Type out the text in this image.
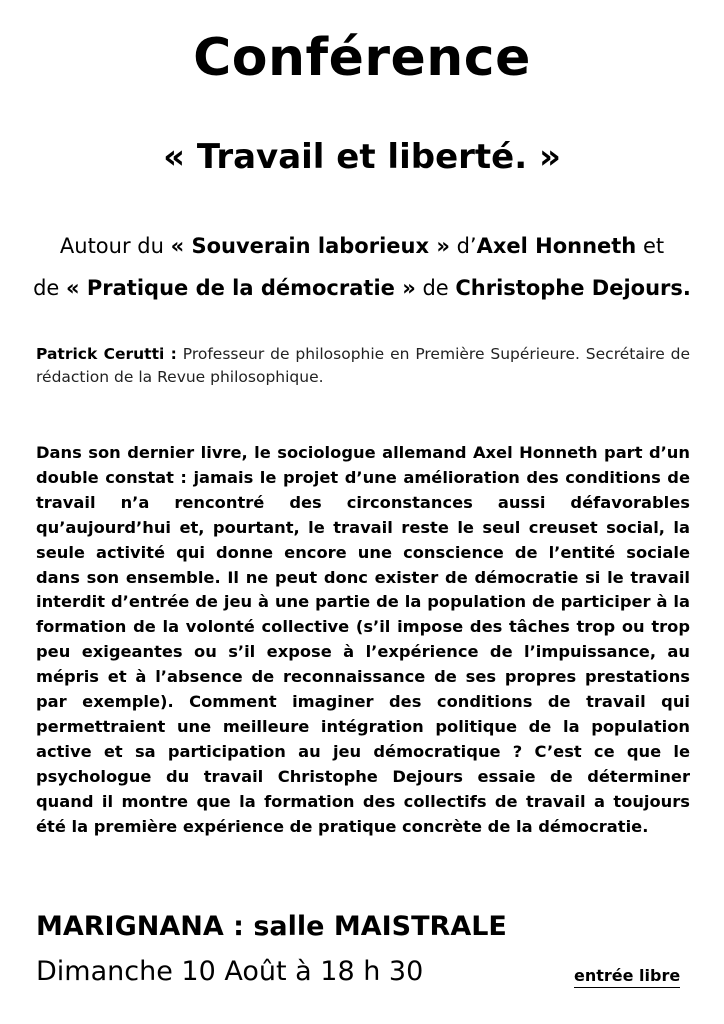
Conférence
« Travail et liberté. »
Autour du « Souverain laborieux » d’Axel Honneth et
de « Pratique de la démocratie » de Christophe Dejours.
Patrick Cerutti : Professeur de philosophie en Première Supérieure. Secrétaire de rédaction de la Revue philosophique.

Dans son dernier livre, le sociologue allemand Axel Honneth part d’un double constat : jamais le projet d’une amélioration des conditions de travail n’a rencontré des circonstances aussi défavorables qu’aujourd’hui et, pourtant, le travail reste le seul creuset social, la seule activité qui donne encore une conscience de l’entité sociale dans son ensemble. Il ne peut donc exister de démocratie si le travail interdit d’entrée de jeu à une partie de la population de participer à la formation de la volonté collective (s’il impose des tâches trop ou trop peu exigeantes ou s’il expose à l’expérience de l’impuissance, au mépris et à l’absence de reconnaissance de ses propres prestations par exemple). Comment imaginer des conditions de travail qui permettraient une meilleure intégration politique de la population active et sa participation au jeu démocratique ? C’est ce que le psychologue du travail Christophe Dejours essaie de déterminer quand il montre que la formation des collectifs de travail a toujours été la première expérience de pratique concrète de la démocratie.

MARIGNANA : salle MAISTRALE
Dimanche 10 Août à 18 h 30	entrée libre
